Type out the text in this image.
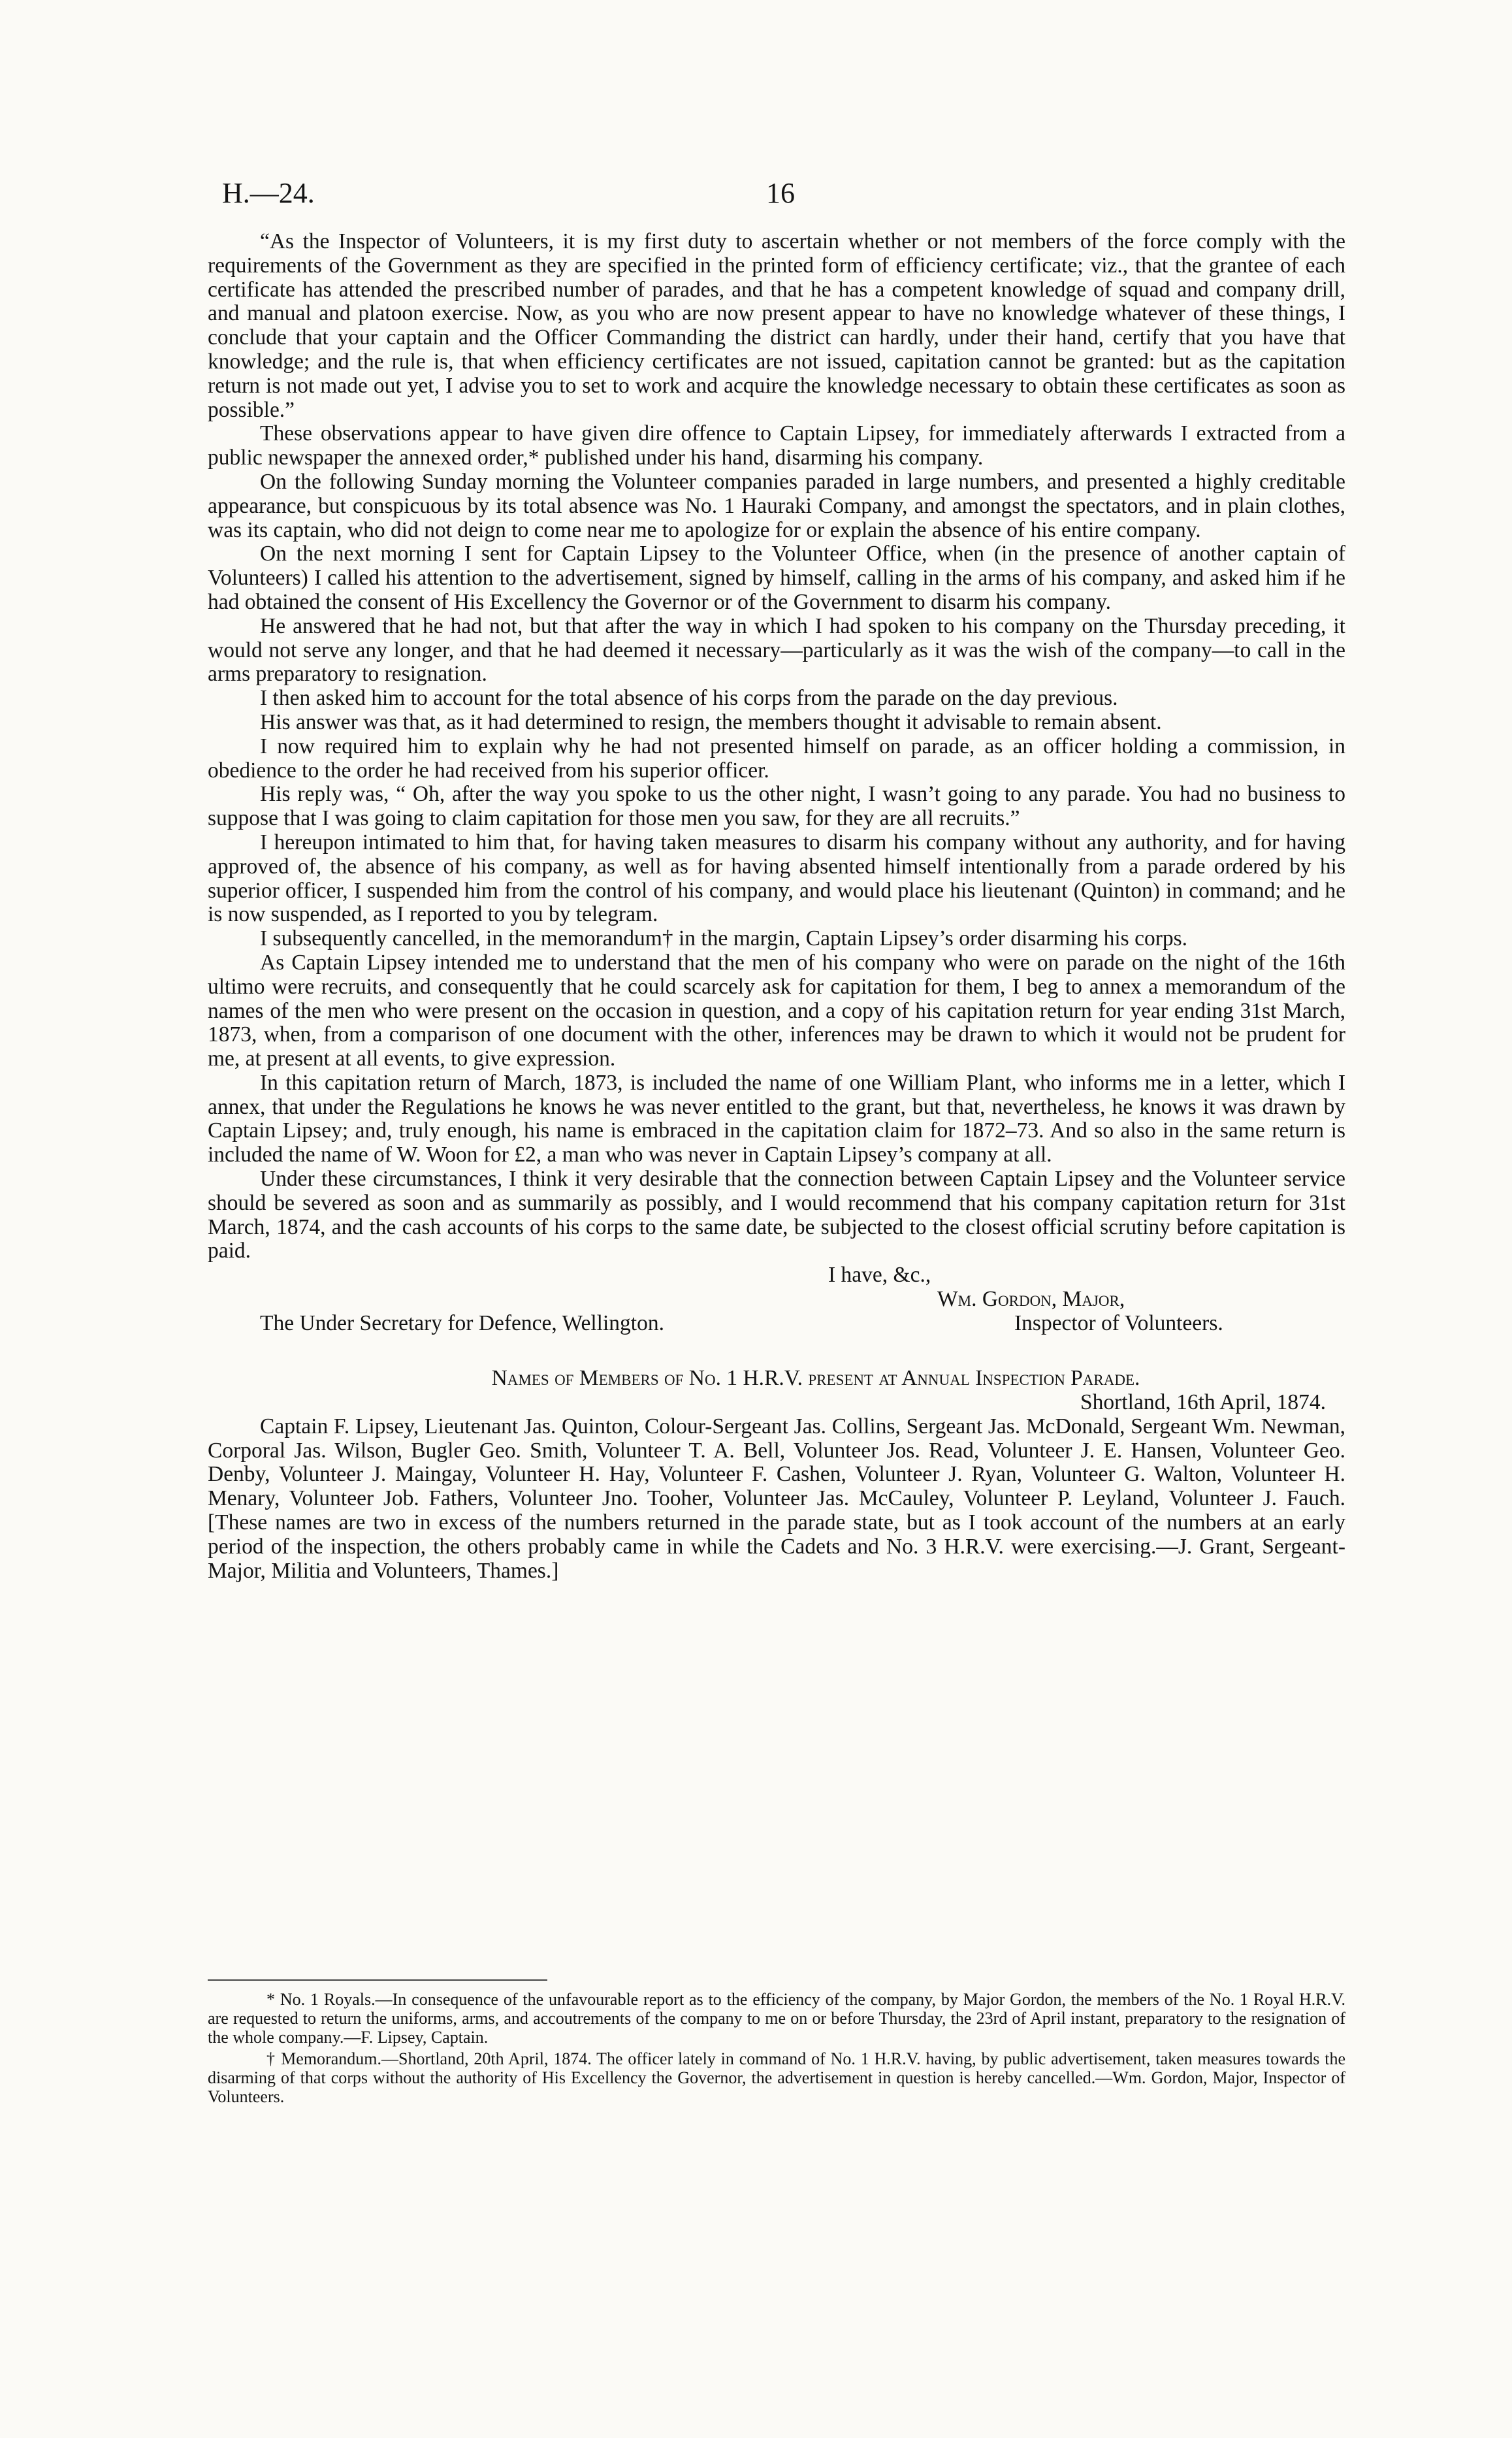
H.—24.	16

“As the Inspector of Volunteers, it is my first duty to ascertain whether or not members of the force comply with the requirements of the Government as they are specified in the printed form of efficiency certificate; viz., that the grantee of each certificate has attended the prescribed number of parades, and that he has a competent knowledge of squad and company drill, and manual and platoon exercise. Now, as you who are now present appear to have no knowledge whatever of these things, I conclude that your captain and the Officer Commanding the district can hardly, under their hand, certify that you have that knowledge; and the rule is, that when efficiency certificates are not issued, capitation cannot be granted: but as the capitation return is not made out yet, I advise you to set to work and acquire the knowledge necessary to obtain these certificates as soon as possible.”

These observations appear to have given dire offence to Captain Lipsey, for immediately afterwards I extracted from a public newspaper the annexed order,* published under his hand, disarming his company.

On the following Sunday morning the Volunteer companies paraded in large numbers, and presented a highly creditable appearance, but conspicuous by its total absence was No. 1 Hauraki Company, and amongst the spectators, and in plain clothes, was its captain, who did not deign to come near me to apologize for or explain the absence of his entire company.

On the next morning I sent for Captain Lipsey to the Volunteer Office, when (in the presence of another captain of Volunteers) I called his attention to the advertisement, signed by himself, calling in the arms of his company, and asked him if he had obtained the consent of His Excellency the Governor or of the Government to disarm his company.

He answered that he had not, but that after the way in which I had spoken to his company on the Thursday preceding, it would not serve any longer, and that he had deemed it necessary—particularly as it was the wish of the company—to call in the arms preparatory to resignation.

I then asked him to account for the total absence of his corps from the parade on the day previous.

His answer was that, as it had determined to resign, the members thought it advisable to remain absent.

I now required him to explain why he had not presented himself on parade, as an officer holding a commission, in obedience to the order he had received from his superior officer.

His reply was, “ Oh, after the way you spoke to us the other night, I wasn’t going to any parade. You had no business to suppose that I was going to claim capitation for those men you saw, for they are all recruits.”

I hereupon intimated to him that, for having taken measures to disarm his company without any authority, and for having approved of, the absence of his company, as well as for having absented himself intentionally from a parade ordered by his superior officer, I suspended him from the control of his company, and would place his lieutenant (Quinton) in command; and he is now suspended, as I reported to you by telegram.

I subsequently cancelled, in the memorandum† in the margin, Captain Lipsey’s order disarming his corps.

As Captain Lipsey intended me to understand that the men of his company who were on parade on the night of the 16th ultimo were recruits, and consequently that he could scarcely ask for capitation for them, I beg to annex a memorandum of the names of the men who were present on the occasion in question, and a copy of his capitation return for year ending 31st March, 1873, when, from a comparison of one document with the other, inferences may be drawn to which it would not be prudent for me, at present at all events, to give expression.

In this capitation return of March, 1873, is included the name of one William Plant, who informs me in a letter, which I annex, that under the Regulations he knows he was never entitled to the grant, but that, nevertheless, he knows it was drawn by Captain Lipsey; and, truly enough, his name is embraced in the capitation claim for 1872–73. And so also in the same return is included the name of W. Woon for £2, a man who was never in Captain Lipsey’s company at all.

Under these circumstances, I think it very desirable that the connection between Captain Lipsey and the Volunteer service should be severed as soon and as summarily as possibly, and I would recommend that his company capitation return for 31st March, 1874, and the cash accounts of his corps to the same date, be subjected to the closest official scrutiny before capitation is paid.

I have, &c.,
Wm. Gordon, Major,
The Under Secretary for Defence, Wellington.	Inspector of Volunteers.
Names of Members of No. 1 H.R.V. present at Annual Inspection Parade.
Shortland, 16th April, 1874.

Captain F. Lipsey, Lieutenant Jas. Quinton, Colour-Sergeant Jas. Collins, Sergeant Jas. McDonald, Sergeant Wm. Newman, Corporal Jas. Wilson, Bugler Geo. Smith, Volunteer T. A. Bell, Volunteer Jos. Read, Volunteer J. E. Hansen, Volunteer Geo. Denby, Volunteer J. Maingay, Volunteer H. Hay, Volunteer F. Cashen, Volunteer J. Ryan, Volunteer G. Walton, Volunteer H. Menary, Volunteer Job. Fathers, Volunteer Jno. Tooher, Volunteer Jas. McCauley, Volunteer P. Leyland, Volunteer J. Fauch. [These names are two in excess of the numbers returned in the parade state, but as I took account of the numbers at an early period of the inspection, the others probably came in while the Cadets and No. 3 H.R.V. were exercising.—J. Grant, Sergeant-Major, Militia and Volunteers, Thames.]

* No. 1 Royals.—In consequence of the unfavourable report as to the efficiency of the company, by Major Gordon, the members of the No. 1 Royal H.R.V. are requested to return the uniforms, arms, and accoutrements of the company to me on or before Thursday, the 23rd of April instant, preparatory to the resignation of the whole company.—F. Lipsey, Captain.

† Memorandum.—Shortland, 20th April, 1874. The officer lately in command of No. 1 H.R.V. having, by public advertisement, taken measures towards the disarming of that corps without the authority of His Excellency the Governor, the advertisement in question is hereby cancelled.—Wm. Gordon, Major, Inspector of Volunteers.
